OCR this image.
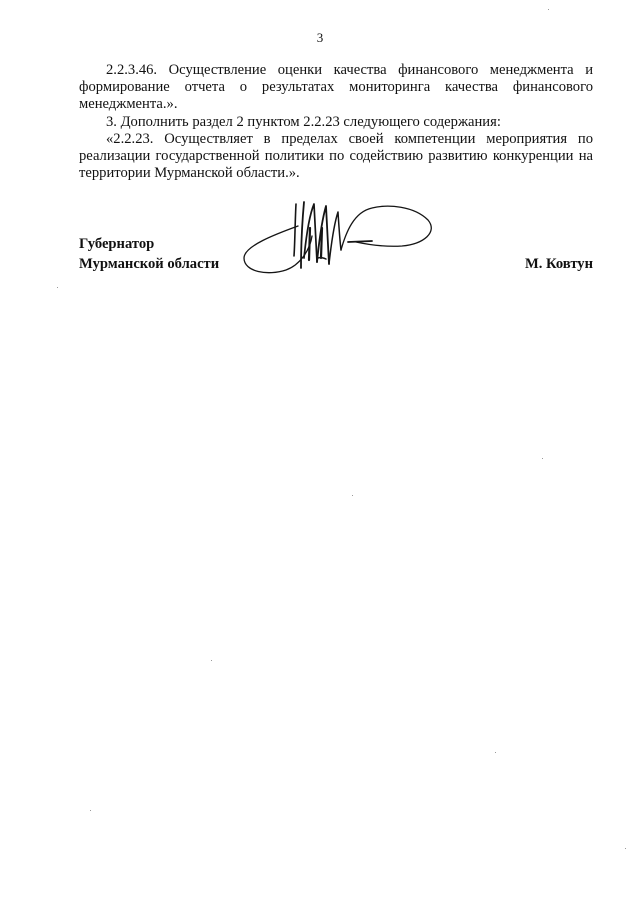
3

2.2.3.46. Осуществление оценки качества финансового менеджмента и формирование отчета о результатах мониторинга качества финансового менеджмента.».

3. Дополнить раздел 2 пунктом 2.2.23 следующего содержания:

«2.2.23. Осуществляет в пределах своей компетенции мероприятия по реализации государственной политики по содействию развитию конкуренции на территории Мурманской области.».

Губернатор
Мурманской области	М. Ковтун
